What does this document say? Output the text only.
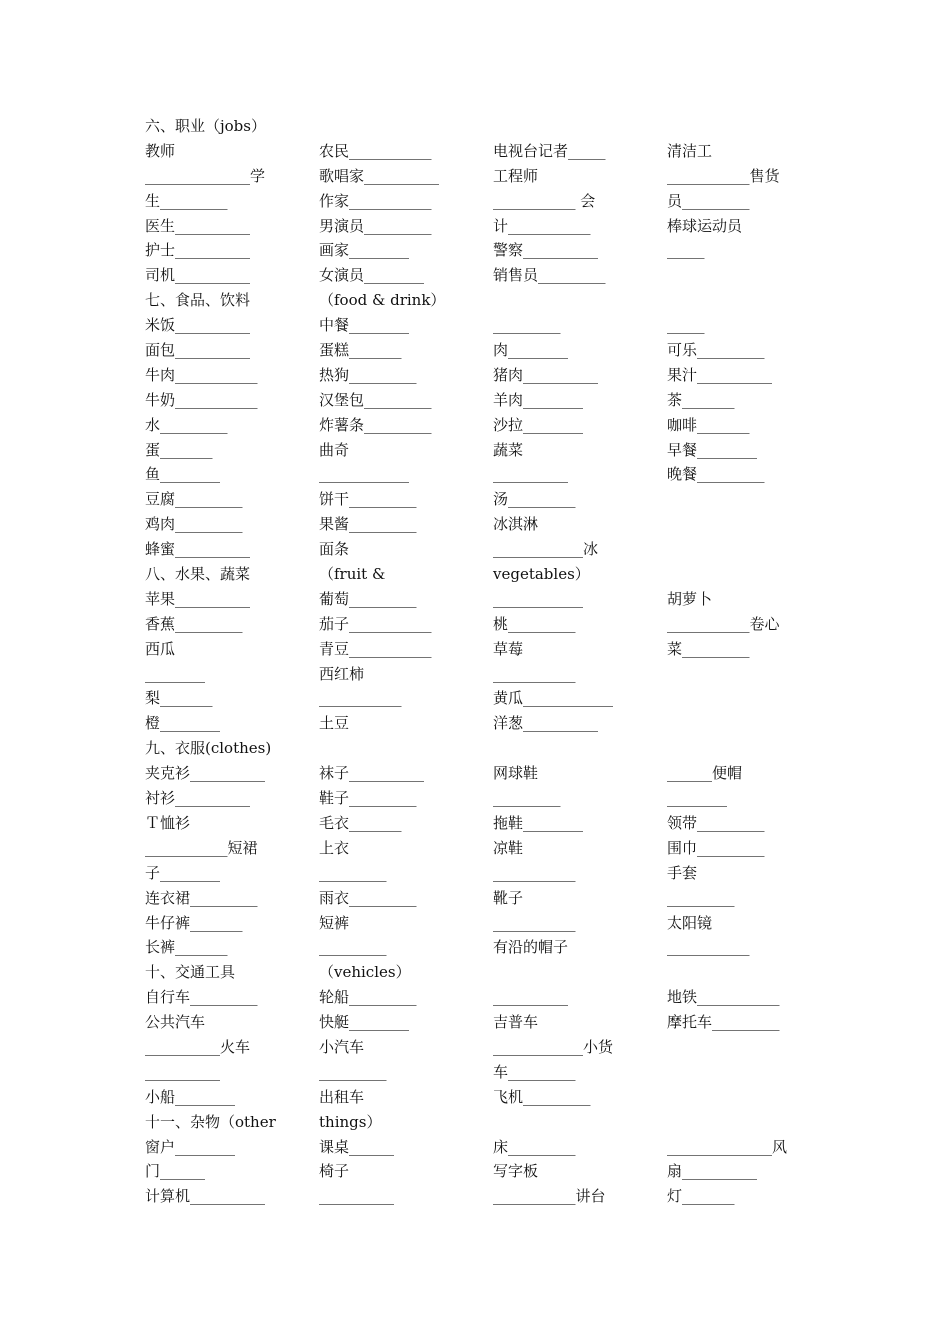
六、职业（jobs）
教师	农民___________	电视台记者_____	清洁工
______________学	歌唱家__________	工程师	___________售货
生_________	作家___________	___________ 会	员_________
医生__________	男演员_________	计___________	棒球运动员
护士__________	画家________	警察__________	_____
司机__________	女演员________	销售员_________
七、食品、饮料	（food & drink）
米饭__________	中餐________	_________	_____
面包__________	蛋糕_______	肉________	可乐_________
牛肉___________	热狗_________	猪肉__________	果汁__________
牛奶___________	汉堡包_________	羊肉________	茶_______
水_________	炸薯条_________	沙拉________	咖啡_______
蛋_______	曲奇	蔬菜	早餐________
鱼________	____________	__________	晚餐_________
豆腐_________	饼干_________	汤_________
鸡肉_________	果酱_________	冰淇淋
蜂蜜__________	面条	____________冰
八、水果、蔬菜	（fruit &	vegetables）
苹果__________	葡萄_________	____________	胡萝卜
香蕉_________	茄子___________	桃_________	___________卷心
西瓜	青豆___________	草莓	菜_________
________	西红柿	___________
梨_______	___________	黄瓜____________
橙________	土豆	洋葱__________
九、衣服(clothes)
夹克衫__________	袜子__________	网球鞋	______便帽
衬衫__________	鞋子_________	_________	________
Ｔ恤衫	毛衣_______	拖鞋________	领带_________
___________短裙	上衣	凉鞋	围巾_________
子________	_________	___________	手套
连衣裙_________	雨衣_________	靴子	_________
牛仔裤_______	短裤	___________	太阳镜
长裤_______	_________	有沿的帽子	___________
十、交通工具	（vehicles）
自行车_________	轮船_________	__________	地铁___________
公共汽车	快艇________	吉普车	摩托车_________
__________火车	小汽车	____________小货
__________	_________	车_________
小船________	出租车	飞机_________
十一、杂物（other	things）
窗户________	课桌______	床_________	______________风
门______	椅子	写字板	扇__________
计算机__________	__________	___________讲台	灯_______
